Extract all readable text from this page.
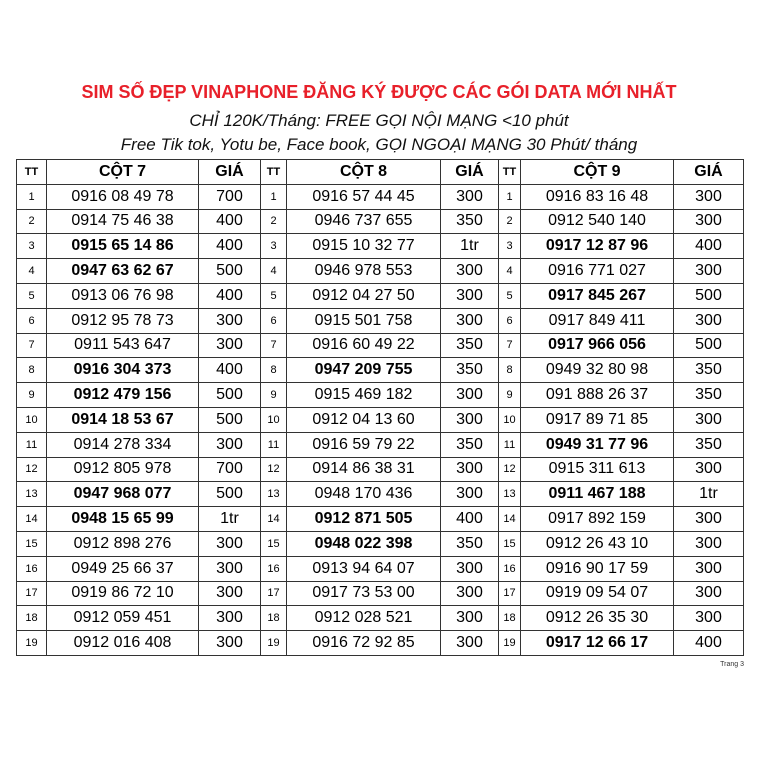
SIM SỐ ĐẸP VINAPHONE ĐĂNG KÝ ĐƯỢC CÁC GÓI DATA MỚI NHẤT
CHỈ 120K/Tháng: FREE GỌI NỘI MẠNG <10 phút
Free Tik tok, Yotu be, Face book, GỌI NGOẠI MẠNG 30 Phút/ tháng
TT	CỘT 7	GIÁ	TT	CỘT 8	GIÁ	TT	CỘT 9	GIÁ
1	0916 08 49 78	700	1	0916 57 44 45	300	1	0916 83 16 48	300
2	0914 75 46 38	400	2	0946 737 655	350	2	0912 540 140	300
3	0915 65 14 86	400	3	0915 10 32 77	1tr	3	0917 12 87 96	400
4	0947 63 62 67	500	4	0946 978 553	300	4	0916 771 027	300
5	0913 06 76 98	400	5	0912 04 27 50	300	5	0917 845 267	500
6	0912 95 78 73	300	6	0915 501 758	300	6	0917 849 411	300
7	0911 543 647	300	7	0916 60 49 22	350	7	0917 966 056	500
8	0916 304 373	400	8	0947 209 755	350	8	0949 32 80 98	350
9	0912 479 156	500	9	0915 469 182	300	9	091 888 26 37	350
10	0914 18 53 67	500	10	0912 04 13 60	300	10	0917 89 71 85	300
11	0914 278 334	300	11	0916 59 79 22	350	11	0949 31 77 96	350
12	0912 805 978	700	12	0914 86 38 31	300	12	0915 311 613	300
13	0947 968 077	500	13	0948 170 436	300	13	0911 467 188	1tr
14	0948 15 65 99	1tr	14	0912 871 505	400	14	0917 892 159	300
15	0912 898 276	300	15	0948 022 398	350	15	0912 26 43 10	300
16	0949 25 66 37	300	16	0913 94 64 07	300	16	0916 90 17 59	300
17	0919 86 72 10	300	17	0917 73 53 00	300	17	0919 09 54 07	300
18	0912 059 451	300	18	0912 028 521	300	18	0912 26 35 30	300
19	0912 016 408	300	19	0916 72 92 85	300	19	0917 12 66 17	400
Trang 3
